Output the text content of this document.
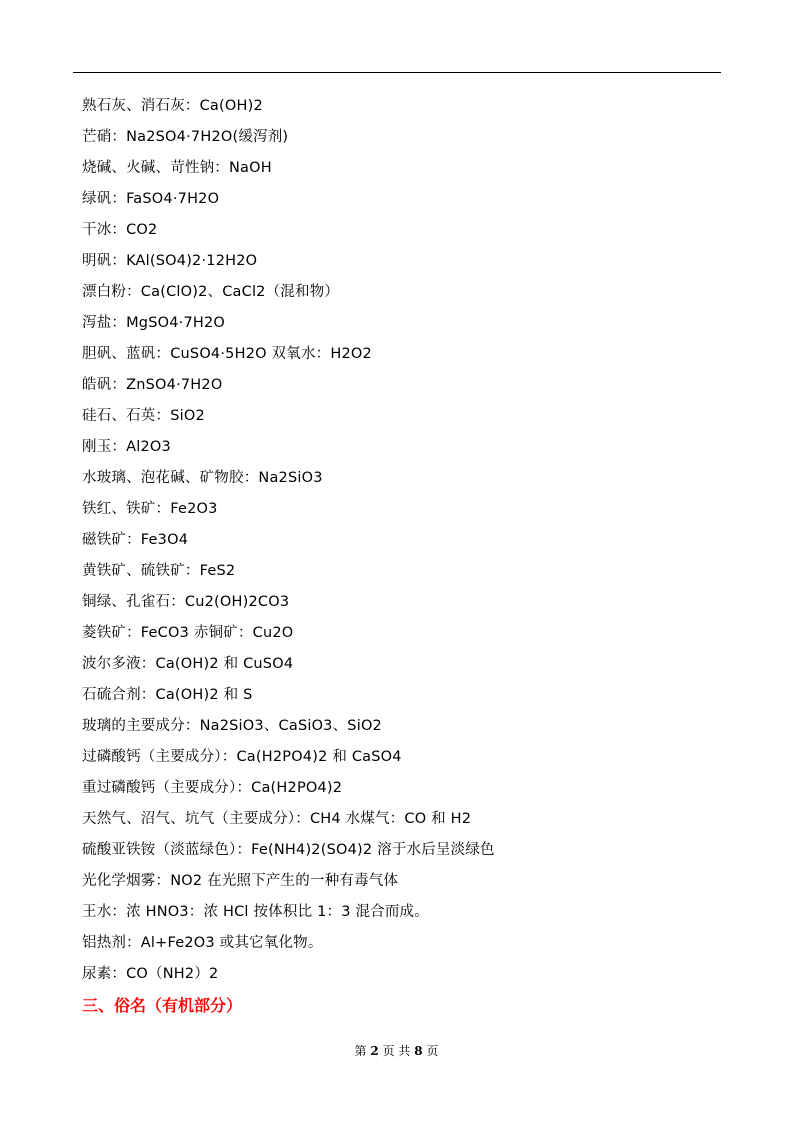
熟石灰、消石灰：Ca(OH)2
芒硝：Na2SO4·7H2O(缓泻剂)
烧碱、火碱、苛性钠：NaOH
绿矾：FaSO4·7H2O
干冰：CO2
明矾：KAl(SO4)2·12H2O
漂白粉：Ca(ClO)2、CaCl2（混和物）
泻盐：MgSO4·7H2O
胆矾、蓝矾：CuSO4·5H2O 双氧水：H2O2
皓矾：ZnSO4·7H2O
硅石、石英：SiO2
刚玉：Al2O3
水玻璃、泡花碱、矿物胶：Na2SiO3
铁红、铁矿：Fe2O3
磁铁矿：Fe3O4
黄铁矿、硫铁矿：FeS2
铜绿、孔雀石：Cu2(OH)2CO3
菱铁矿：FeCO3 赤铜矿：Cu2O
波尔多液：Ca(OH)2 和 CuSO4
石硫合剂：Ca(OH)2 和 S
玻璃的主要成分：Na2SiO3、CaSiO3、SiO2
过磷酸钙（主要成分）：Ca(H2PO4)2 和 CaSO4
重过磷酸钙（主要成分）：Ca(H2PO4)2
天然气、沼气、坑气（主要成分）：CH4 水煤气：CO 和 H2
硫酸亚铁铵（淡蓝绿色）：Fe(NH4)2(SO4)2 溶于水后呈淡绿色
光化学烟雾：NO2 在光照下产生的一种有毒气体
王水：浓 HNO3：浓 HCl 按体积比 1：3 混合而成。
铝热剂：Al+Fe2O3 或其它氧化物。
尿素：CO（NH2）2
三、俗名（有机部分）
第 2 页 共 8 页
